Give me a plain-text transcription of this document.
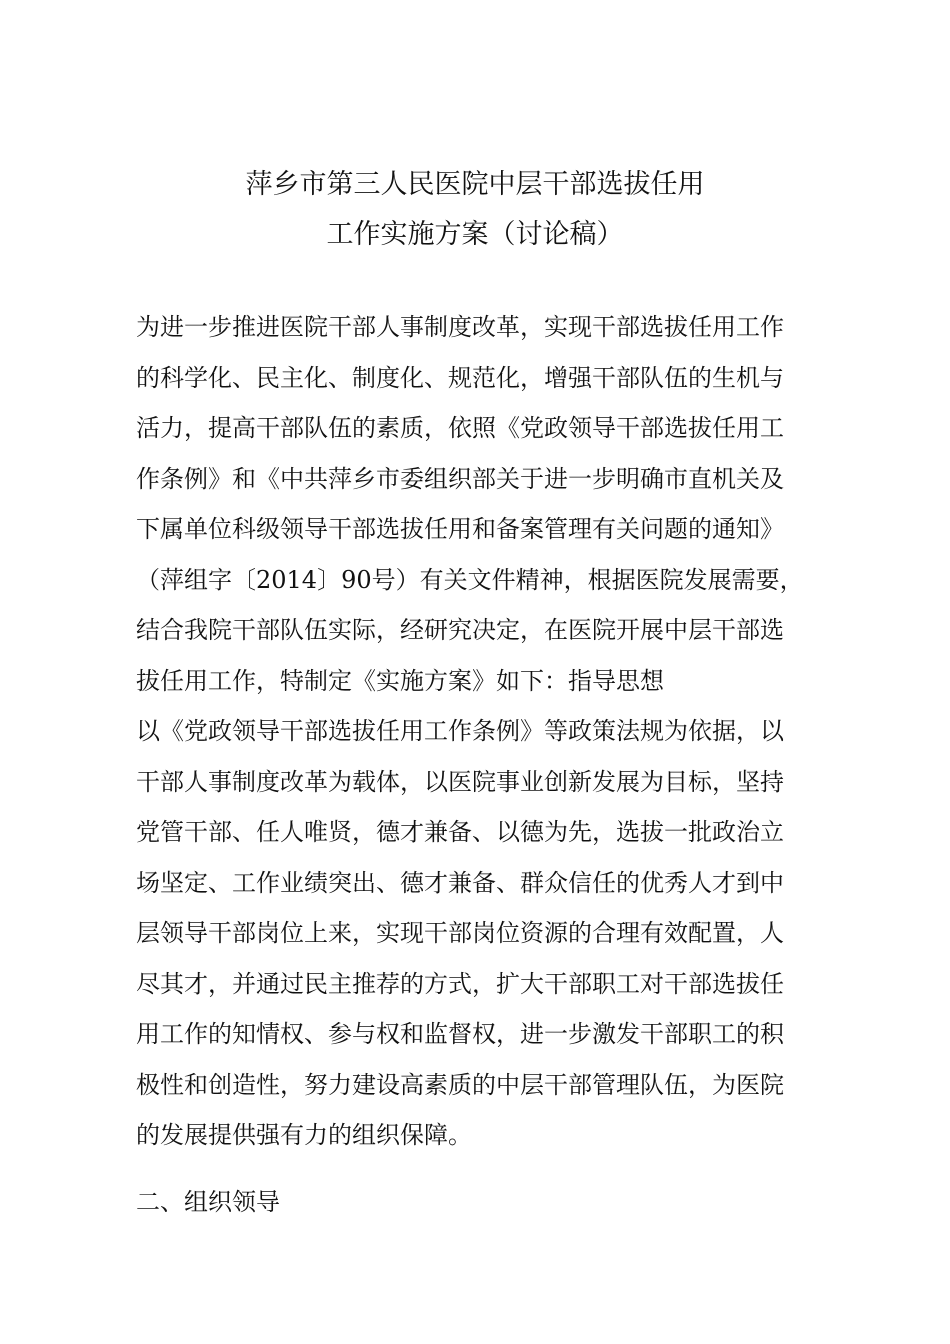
萍乡市第三人民医院中层干部选拔任用
工作实施方案（讨论稿）
为进一步推进医院干部人事制度改革，实现干部选拔任用工作
的科学化、民主化、制度化、规范化，增强干部队伍的生机与
活力，提高干部队伍的素质，依照《党政领导干部选拔任用工
作条例》和《中共萍乡市委组织部关于进一步明确市直机关及
下属单位科级领导干部选拔任用和备案管理有关问题的通知》
（萍组字〔2014〕90号）有关文件精神，根据医院发展需要，
结合我院干部队伍实际，经研究决定，在医院开展中层干部选
拔任用工作，特制定《实施方案》如下：指导思想
以《党政领导干部选拔任用工作条例》等政策法规为依据，以
干部人事制度改革为载体，以医院事业创新发展为目标，坚持
党管干部、任人唯贤，德才兼备、以德为先，选拔一批政治立
场坚定、工作业绩突出、德才兼备、群众信任的优秀人才到中
层领导干部岗位上来，实现干部岗位资源的合理有效配置，人
尽其才，并通过民主推荐的方式，扩大干部职工对干部选拔任
用工作的知情权、参与权和监督权，进一步激发干部职工的积
极性和创造性，努力建设高素质的中层干部管理队伍，为医院
的发展提供强有力的组织保障。
二、组织领导
